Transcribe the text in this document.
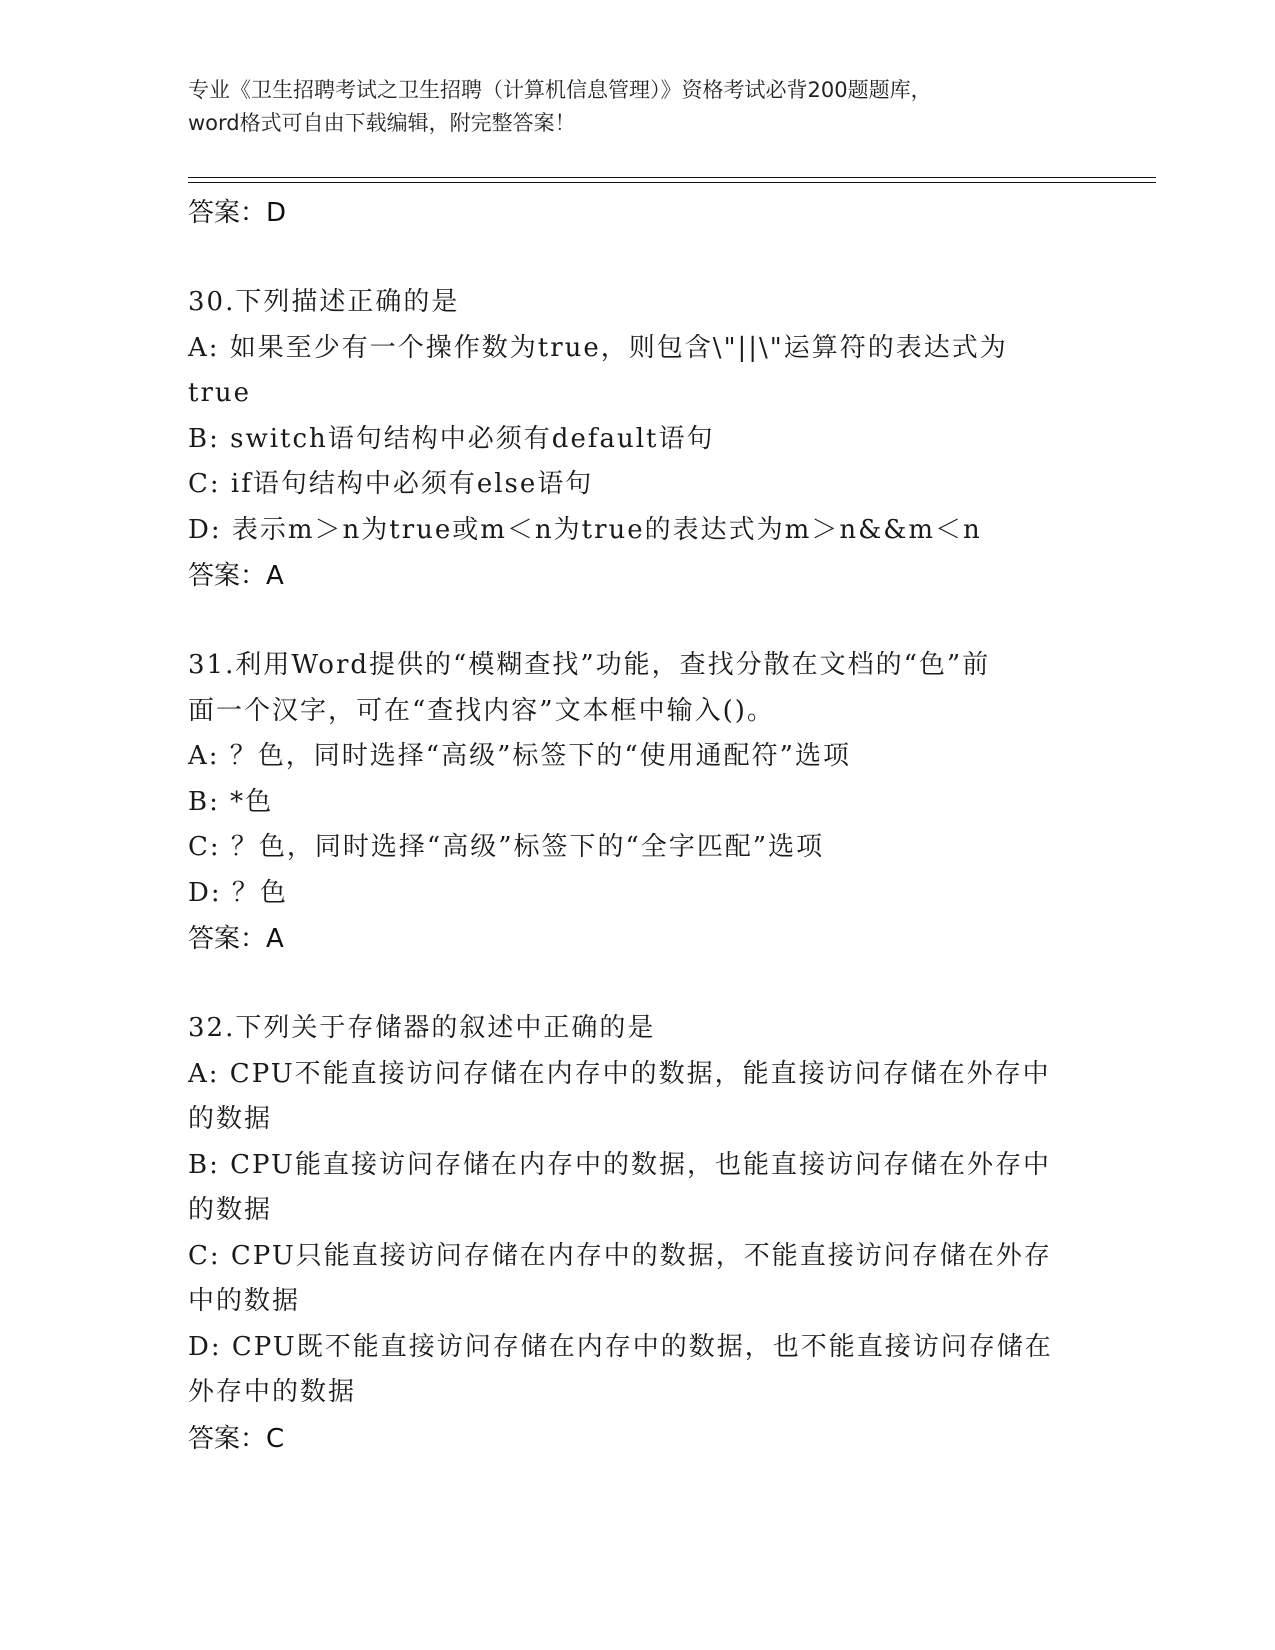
专业《卫生招聘考试之卫生招聘（计算机信息管理）》资格考试必背200题题库，
word格式可自由下载编辑，附完整答案！
答案：D
30.下列描述正确的是
A: 如果至少有一个操作数为true，则包含\"||\"运算符的表达式为
true
B: switch语句结构中必须有default语句
C: if语句结构中必须有else语句
D: 表示m＞n为true或m＜n为true的表达式为m＞n&&m＜n
答案：A
31.利用Word提供的“模糊查找”功能，查找分散在文档的“色”前
面一个汉字，可在“查找内容”文本框中输入()。
A: ？色，同时选择“高级”标签下的“使用通配符”选项
B: *色
C: ？色，同时选择“高级”标签下的“全字匹配”选项
D: ？色
答案：A
32.下列关于存储器的叙述中正确的是
A: CPU不能直接访问存储在内存中的数据，能直接访问存储在外存中
的数据
B: CPU能直接访问存储在内存中的数据，也能直接访问存储在外存中
的数据
C: CPU只能直接访问存储在内存中的数据，不能直接访问存储在外存
中的数据
D: CPU既不能直接访问存储在内存中的数据，也不能直接访问存储在
外存中的数据
答案：C
